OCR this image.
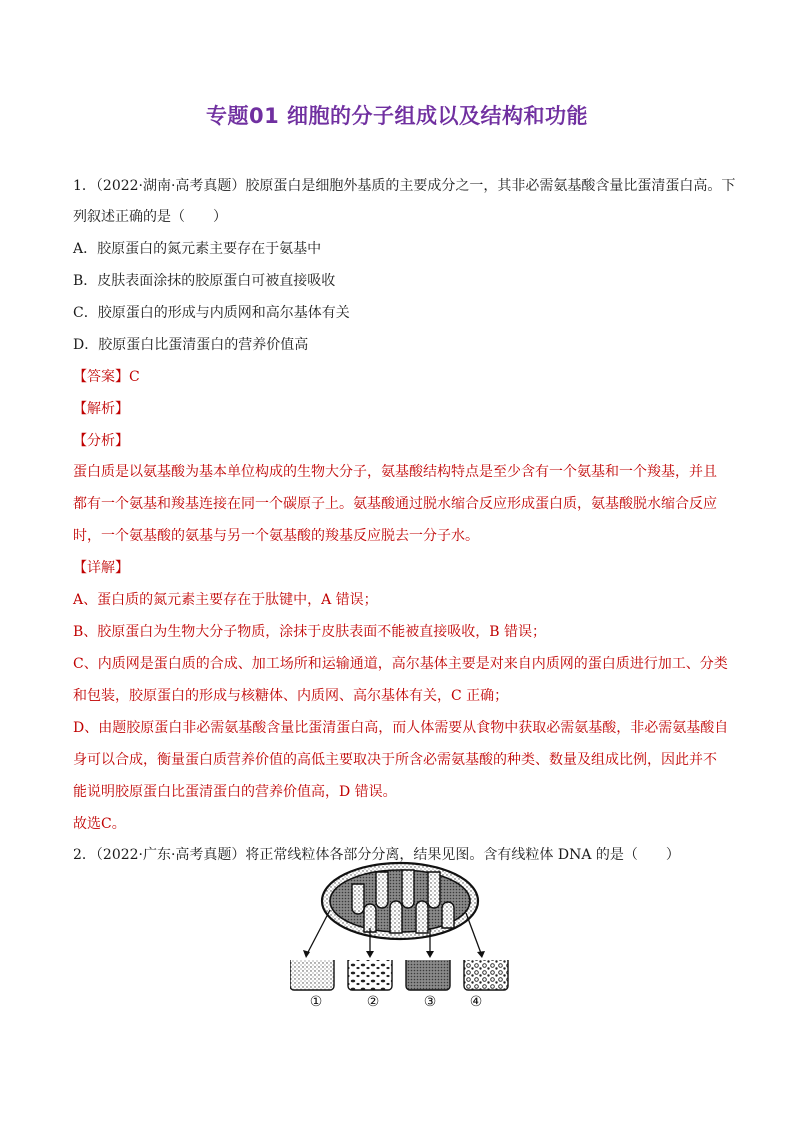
专题01 细胞的分子组成以及结构和功能
1．（2022·湖南·高考真题）胶原蛋白是细胞外基质的主要成分之一，其非必需氨基酸含量比蛋清蛋白高。下
列叙述正确的是（　　）
A．胶原蛋白的氮元素主要存在于氨基中
B．皮肤表面涂抹的胶原蛋白可被直接吸收
C．胶原蛋白的形成与内质网和高尔基体有关
D．胶原蛋白比蛋清蛋白的营养价值高
【答案】C
【解析】
【分析】
蛋白质是以氨基酸为基本单位构成的生物大分子，氨基酸结构特点是至少含有一个氨基和一个羧基，并且
都有一个氨基和羧基连接在同一个碳原子上。氨基酸通过脱水缩合反应形成蛋白质，氨基酸脱水缩合反应
时，一个氨基酸的氨基与另一个氨基酸的羧基反应脱去一分子水。
【详解】
A、蛋白质的氮元素主要存在于肽键中，A 错误；
B、胶原蛋白为生物大分子物质，涂抹于皮肤表面不能被直接吸收，B 错误；
C、内质网是蛋白质的合成、加工场所和运输通道，高尔基体主要是对来自内质网的蛋白质进行加工、分类
和包装，胶原蛋白的形成与核糖体、内质网、高尔基体有关，C 正确；
D、由题胶原蛋白非必需氨基酸含量比蛋清蛋白高，而人体需要从食物中获取必需氨基酸，非必需氨基酸自
身可以合成，衡量蛋白质营养价值的高低主要取决于所含必需氨基酸的种类、数量及组成比例，因此并不
能说明胶原蛋白比蛋清蛋白的营养价值高，D 错误。
故选C。
2．（2022·广东·高考真题）将正常线粒体各部分分离，结果见图。含有线粒体 DNA 的是（　　）
①	②	③ ④
